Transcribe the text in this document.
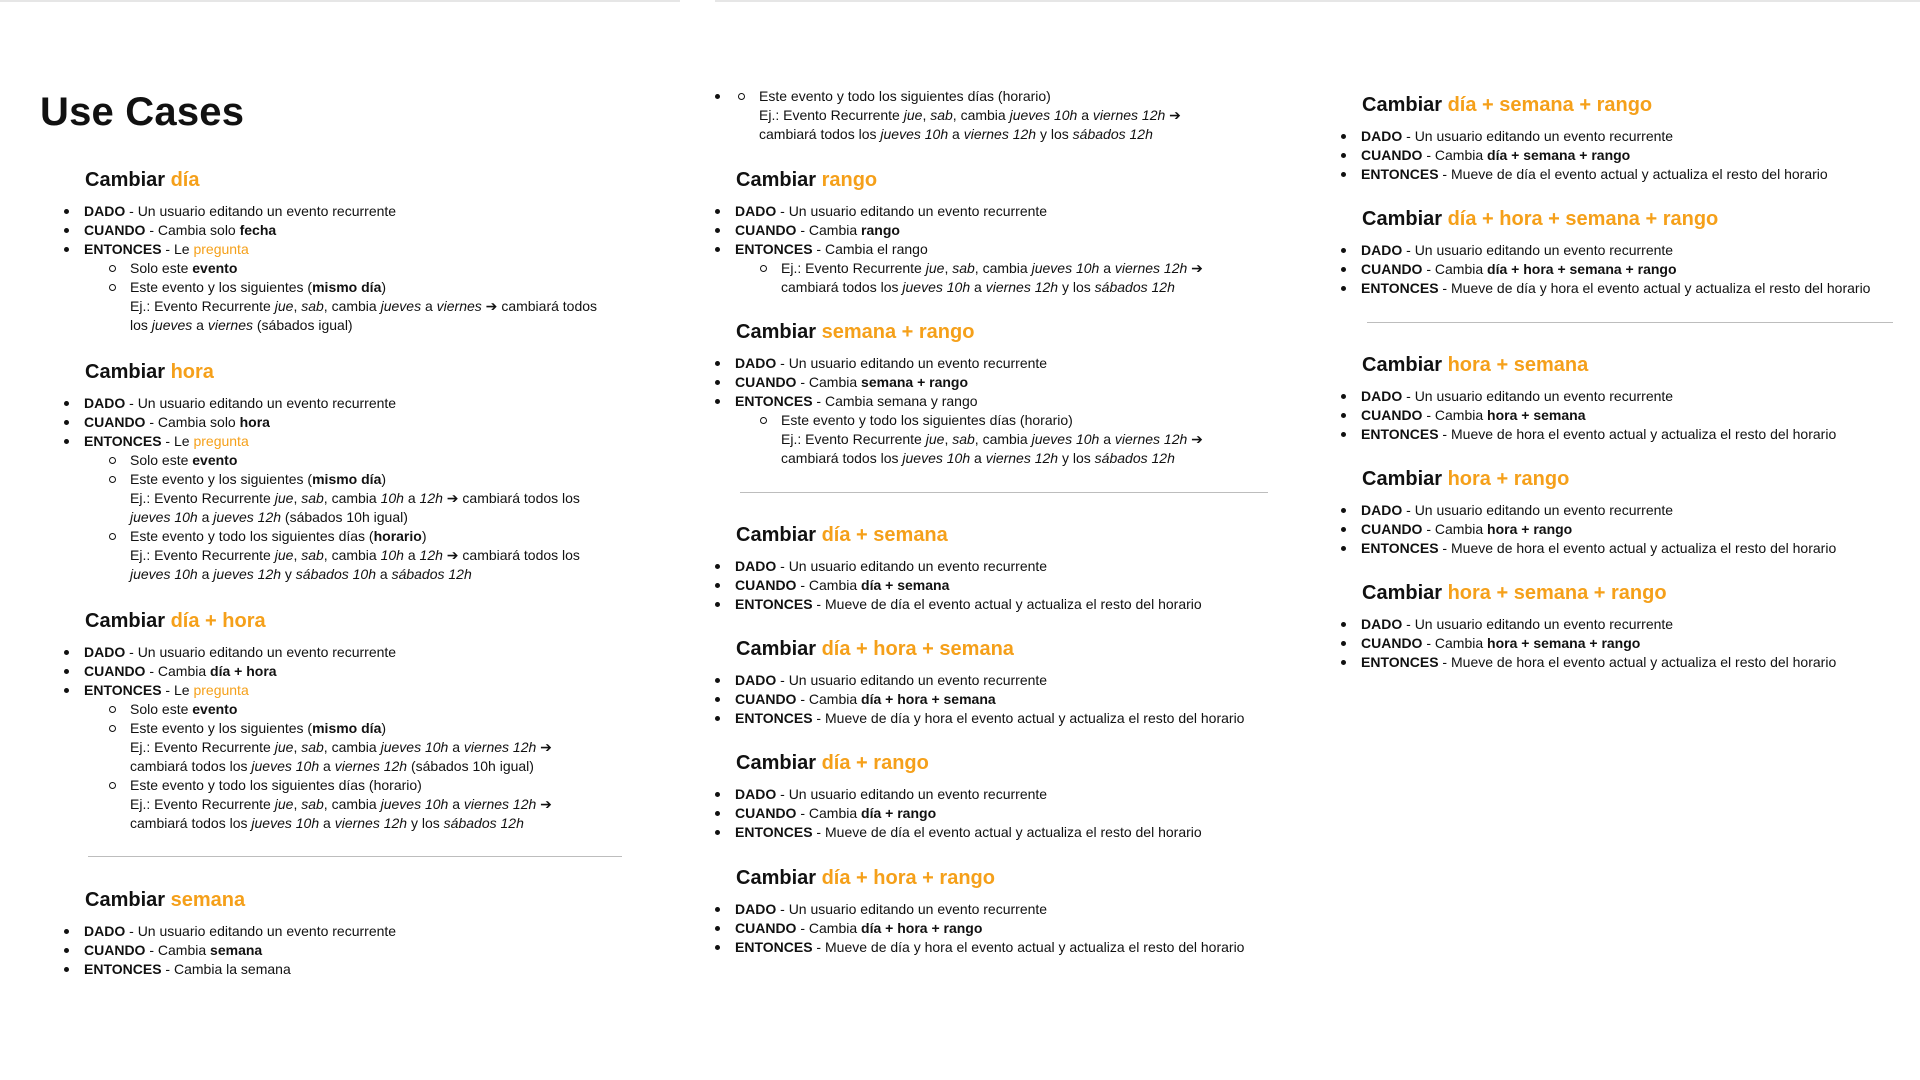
Use Cases
Cambiar día
DADO - Un usuario editando un evento recurrente
CUANDO - Cambia solo fecha
ENTONCES - Le pregunta
Solo este evento
Este evento y los siguientes (mismo día)
Ej.: Evento Recurrente jue, sab, cambia jueves a viernes ➔ cambiará todos
los jueves a viernes (sábados igual)
Cambiar hora
DADO - Un usuario editando un evento recurrente
CUANDO - Cambia solo hora
ENTONCES - Le pregunta
Solo este evento
Este evento y los siguientes (mismo día)
Ej.: Evento Recurrente jue, sab, cambia 10h a 12h ➔ cambiará todos los
jueves 10h a jueves 12h (sábados 10h igual)
Este evento y todo los siguientes días (horario)
Ej.: Evento Recurrente jue, sab, cambia 10h a 12h ➔ cambiará todos los
jueves 10h a jueves 12h y sábados 10h a sábados 12h
Cambiar día + hora
DADO - Un usuario editando un evento recurrente
CUANDO - Cambia día + hora
ENTONCES - Le pregunta
Solo este evento
Este evento y los siguientes (mismo día)
Ej.: Evento Recurrente jue, sab, cambia jueves 10h a viernes 12h ➔
cambiará todos los jueves 10h a viernes 12h (sábados 10h igual)
Este evento y todo los siguientes días (horario)
Ej.: Evento Recurrente jue, sab, cambia jueves 10h a viernes 12h ➔
cambiará todos los jueves 10h a viernes 12h y los sábados 12h
Cambiar semana
DADO - Un usuario editando un evento recurrente
CUANDO - Cambia semana
ENTONCES - Cambia la semana
Este evento y todo los siguientes días (horario)
Ej.: Evento Recurrente jue, sab, cambia jueves 10h a viernes 12h ➔
cambiará todos los jueves 10h a viernes 12h y los sábados 12h
Cambiar rango
DADO - Un usuario editando un evento recurrente
CUANDO - Cambia rango
ENTONCES - Cambia el rango
Ej.: Evento Recurrente jue, sab, cambia jueves 10h a viernes 12h ➔
cambiará todos los jueves 10h a viernes 12h y los sábados 12h
Cambiar semana + rango
DADO - Un usuario editando un evento recurrente
CUANDO - Cambia semana + rango
ENTONCES - Cambia semana y rango
Este evento y todo los siguientes días (horario)
Ej.: Evento Recurrente jue, sab, cambia jueves 10h a viernes 12h ➔
cambiará todos los jueves 10h a viernes 12h y los sábados 12h
Cambiar día + semana
DADO - Un usuario editando un evento recurrente
CUANDO - Cambia día + semana
ENTONCES - Mueve de día el evento actual y actualiza el resto del horario
Cambiar día + hora + semana
DADO - Un usuario editando un evento recurrente
CUANDO - Cambia día + hora + semana
ENTONCES - Mueve de día y hora el evento actual y actualiza el resto del horario
Cambiar día + rango
DADO - Un usuario editando un evento recurrente
CUANDO - Cambia día + rango
ENTONCES - Mueve de día el evento actual y actualiza el resto del horario
Cambiar día + hora + rango
DADO - Un usuario editando un evento recurrente
CUANDO - Cambia día + hora + rango
ENTONCES - Mueve de día y hora el evento actual y actualiza el resto del horario
Cambiar día + semana + rango
DADO - Un usuario editando un evento recurrente
CUANDO - Cambia día + semana + rango
ENTONCES - Mueve de día el evento actual y actualiza el resto del horario
Cambiar día + hora + semana + rango
DADO - Un usuario editando un evento recurrente
CUANDO - Cambia día + hora + semana + rango
ENTONCES - Mueve de día y hora el evento actual y actualiza el resto del horario
Cambiar hora + semana
DADO - Un usuario editando un evento recurrente
CUANDO - Cambia hora + semana
ENTONCES - Mueve de hora el evento actual y actualiza el resto del horario
Cambiar hora + rango
DADO - Un usuario editando un evento recurrente
CUANDO - Cambia hora + rango
ENTONCES - Mueve de hora el evento actual y actualiza el resto del horario
Cambiar hora + semana + rango
DADO - Un usuario editando un evento recurrente
CUANDO - Cambia hora + semana + rango
ENTONCES - Mueve de hora el evento actual y actualiza el resto del horario
